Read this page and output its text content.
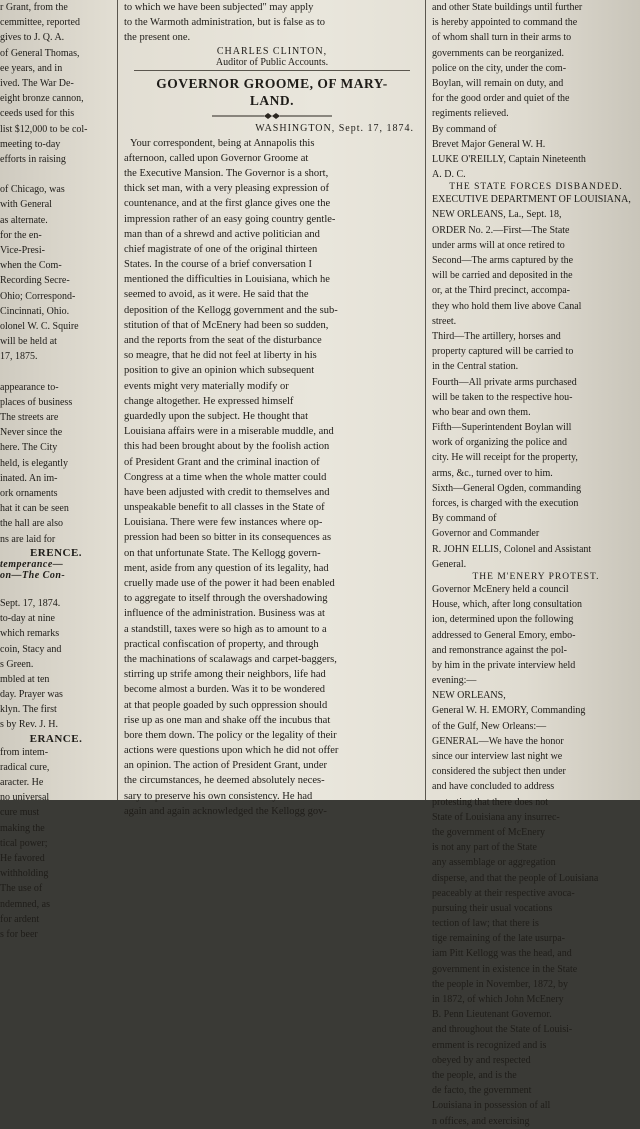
r Grant, from the
cemmittee, reported
gives to J. Q. A.
of General Thomas,
ee years, and in
ived. The War De-
eight bronze cannon,
ceeds used for this
list $12,000 to be col-
meeting to-day
efforts in raising

of Chicago, was
with General
as alternate.
for the en-
Vice-Presi-
when the Com-
Recording Secre-
Ohio; Correspond-
Cincinnati, Ohio.
olonel W. C. Squire
will be held at
17, 1875.

appearance to-
places of business
The streets are
Never since the
here. The City
held, is elegantly
inated. An im-
ork ornaments
hat it can be seen
the hall are also
ns are laid for
ERENCE.
temperance—
on—The Con-

Sept. 17, 1874.
to-day at nine
which remarks
coin, Stacy and
s Green.
mbled at ten
day. Prayer was
klyn. The first
s by Rev. J. H.
ERANCE.
from intem-
radical cure,
aracter. He
no universal
cure must
making the
tical power;
He favored
withholding
The use of
ndemned, as
for ardent
s for beer
to which we have been subjected" may apply
to the Warmoth administration, but is false as to
the present one.
CHARLES CLINTON,
Auditor of Public Accounts.
GOVERNOR GROOME, OF MARY-
LAND.
WASHINGTON, Sept. 17, 1874.
Your correspondent, being at Annapolis this
afternoon, called upon Governor Groome at
the Executive Mansion. The Governor is a short,
thick set man, with a very pleasing expression of
countenance, and at the first glance gives one the
impression rather of an easy going country gentle-
man than of a shrewd and active politician and
chief magistrate of one of the original thirteen
States. In the course of a brief conversation I
mentioned the difficulties in Louisiana, which he
seemed to avoid, as it were. He said that the
deposition of the Kellogg government and the sub-
stitution of that of McEnery had been so sudden,
and the reports from the seat of the disturbance
so meagre, that he did not feel at liberty in his
position to give an opinion which subsequent
events might very materially modify or
change altogether. He expressed himself
guardedly upon the subject. He thought that
Louisiana affairs were in a miserable muddle, and
this had been brought about by the foolish action
of President Grant and the criminal inaction of
Congress at a time when the whole matter could
have been adjusted with credit to themselves and
unspeakable benefit to all classes in the State of
Louisiana. There were few instances where op-
pression had been so bitter in its consequences as
on that unfortunate State. The Kellogg govern-
ment, aside from any question of its legality, had
cruelly made use of the power it had been enabled
to aggregate to itself through the overshadowing
influence of the administration. Business was at
a standstill, taxes were so high as to amount to a
practical confiscation of property, and through
the machinations of scalawags and carpet-baggers,
stirring up strife among their neighbors, life had
become almost a burden. Was it to be wondered
at that people goaded by such oppression should
rise up as one man and shake off the incubus that
bore them down. The policy or the legality of their
actions were questions upon which he did not offer
an opinion. The action of President Grant, under
the circumstances, he deemed absolutely neces-
sary to preserve his own consistency. He had
again and again acknowledged the Kellogg gov-
and other State buildings until further
is hereby appointed to command the
of whom shall turn in their arms to
governments can be reorganized.
police on the city, under the com-
Boylan, will remain on duty, and
for the good order and quiet of the
regiments relieved.
By command of
Brevet Major General W. H.
LUKE O'REILLY, Captain Nineteenth
A. D. C.
THE STATE FORCES DISBANDED.
EXECUTIVE DEPARTMENT OF LOUISIANA,
NEW ORLEANS, La., Sept. 18,
ORDER No. 2.—First—The State
under arms will at once retired to
Second—The arms captured by the
will be carried and deposited in the
or, at the Third precinct, accompa-
they who hold them live above Canal
street.
Third—The artillery, horses and
property captured will be carried to
in the Central station.
Fourth—All private arms purchased
will be taken to the respective hou-
who bear and own them.
Fifth—Superintendent Boylan will
work of organizing the police and
city. He will receipt for the property,
arms, &c., turned over to him.
Sixth—General Ogden, commanding
forces, is charged with the execution
By command of
Governor and Commander
R. JOHN ELLIS, Colonel and Assistant
General.
THE M'ENERY PROTEST.
Governor McEnery held a council
House, which, after long consultation
ion, determined upon the following
addressed to General Emory, embo-
and remonstrance against the pol-
by him in the private interview held
evening:—
NEW ORLEANS,
General W. H. EMORY, Commanding
of the Gulf, New Orleans:—
GENERAL—We have the honor
since our interview last night we
considered the subject then under
and have concluded to address
protesting that there does not
State of Louisiana any insurrec-
the government of McEnery
is not any part of the State
any assemblage or aggregation
disperse, and that the people of Louisiana
peaceably at their respective avoca-
pursuing their usual vocations
tection of law; that there is
tige remaining of the late usurpa-
iam Pitt Kellogg was the head, and
government in existence in the State
the people in November, 1872, by
in 1872, of which John McEnery
B. Penn Lieutenant Governor.
and throughout the State of Louisi-
ernment is recognized and is
obeyed by and respected
the people, and is the
de facto, the government
Louisiana in possession of all
n offices, and exercising
